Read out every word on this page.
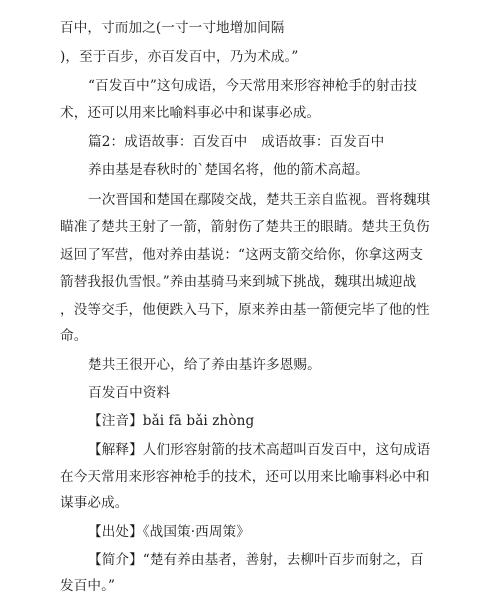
百中，寸而加之(一寸一寸地增加间隔
)，至于百步，亦百发百中，乃为术成。”
“百发百中”这句成语，今天常用来形容神枪手的射击技
术，还可以用来比喻料事必中和谋事必成。
篇2：成语故事：百发百中　成语故事：百发百中
养由基是春秋时的`楚国名将，他的箭术高超。
一次晋国和楚国在鄢陵交战，楚共王亲自监视。晋将魏琪
瞄准了楚共王射了一箭，箭射伤了楚共王的眼睛。楚共王负伤
返回了军营，他对养由基说：“这两支箭交给你，你拿这两支
箭替我报仇雪恨。”养由基骑马来到城下挑战，魏琪出城迎战
，没等交手，他便跌入马下，原来养由基一箭便完毕了他的性
命。
楚共王很开心，给了养由基许多恩赐。
百发百中资料
【注音】bǎi fā bǎi zhòng
【解释】人们形容射箭的技术高超叫百发百中，这句成语
在今天常用来形容神枪手的技术，还可以用来比喻事料必中和
谋事必成。
【出处】《战国策·西周策》
【简介】“楚有养由基者，善射，去柳叶百步而射之，百
发百中。”
